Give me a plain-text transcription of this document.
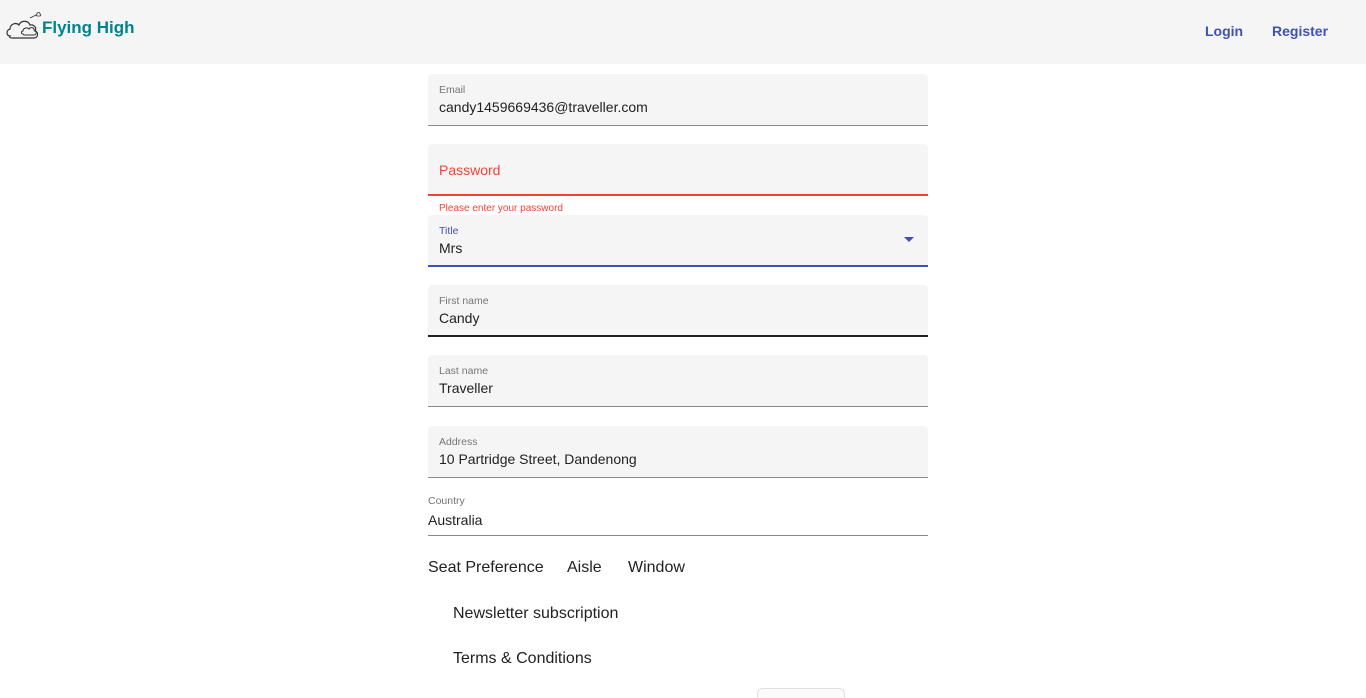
Flying High	Login Register
Email
candy1459669436@traveller.com
Password
Please enter your password
Title
Mrs
First name
Candy
Last name
Traveller
Address
10 Partridge Street, Dandenong
Country
Australia
Seat Preference Aisle Window
Newsletter subscription
Terms & Conditions
